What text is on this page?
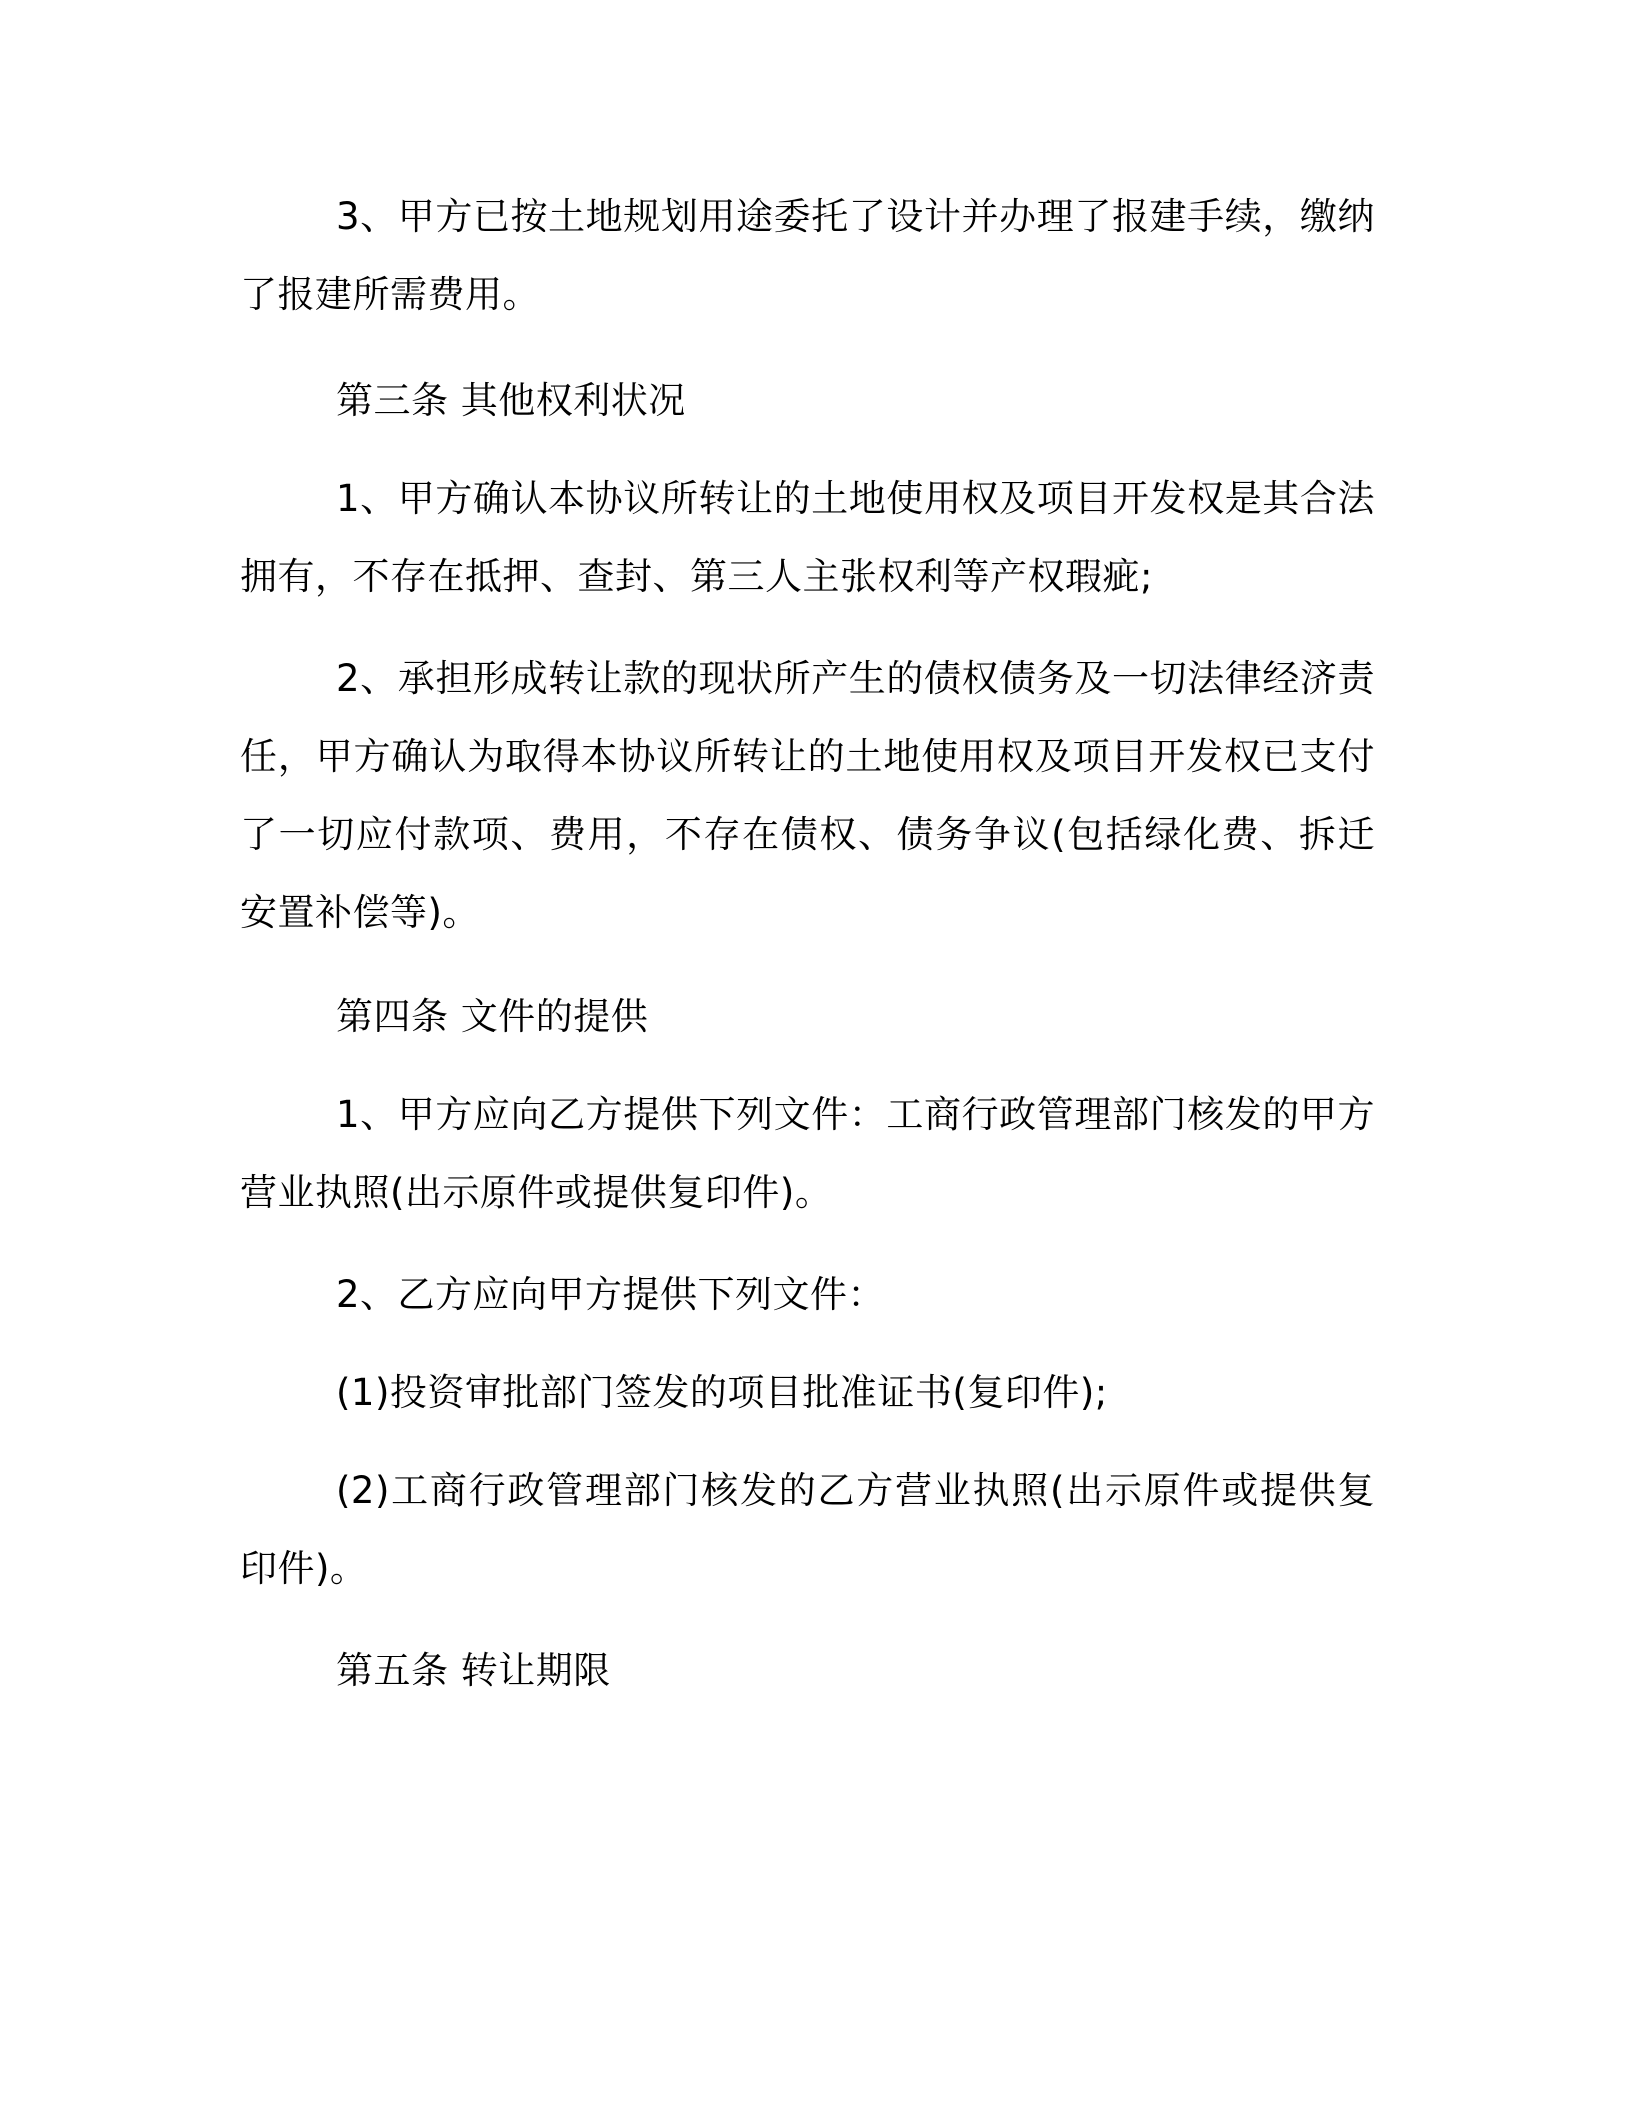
3、甲方已按土地规划用途委托了设计并办理了报建手续，缴纳了报建所需费用。

第三条 其他权利状况

1、甲方确认本协议所转让的土地使用权及项目开发权是其合法拥有，不存在抵押、查封、第三人主张权利等产权瑕疵;

2、承担形成转让款的现状所产生的债权债务及一切法律经济责任，甲方确认为取得本协议所转让的土地使用权及项目开发权已支付了一切应付款项、费用，不存在债权、债务争议(包括绿化费、拆迁安置补偿等)。

第四条 文件的提供

1、甲方应向乙方提供下列文件：工商行政管理部门核发的甲方营业执照(出示原件或提供复印件)。

2、乙方应向甲方提供下列文件：

(1)投资审批部门签发的项目批准证书(复印件);

(2)工商行政管理部门核发的乙方营业执照(出示原件或提供复印件)。

第五条 转让期限
